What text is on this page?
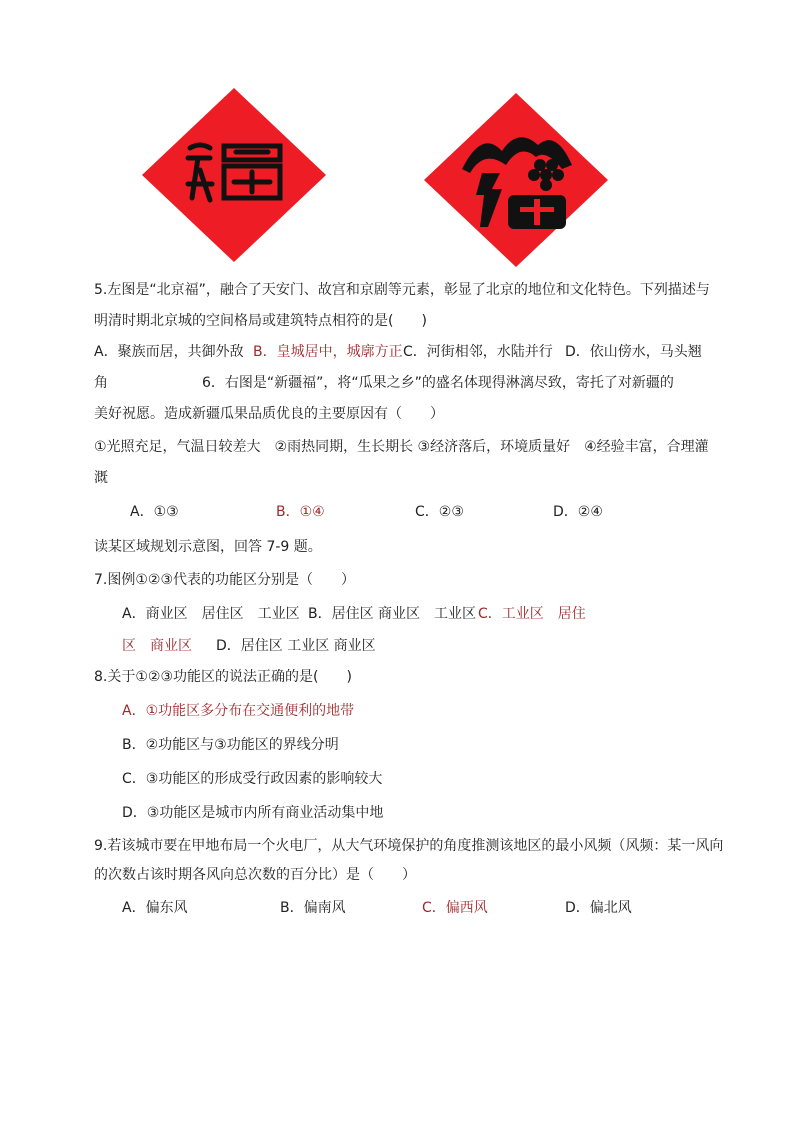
5.左图是“北京福”，融合了天安门、故宫和京剧等元素，彰显了北京的地位和文化特色。下列描述与
明清时期北京城的空间格局或建筑特点相符的是(　　)
A．聚族而居，共御外敌 B．皇城居中，城廓方正 C．河街相邻，水陆并行 D．依山傍水，马头翘
角	6．右图是“新疆福”，将“瓜果之乡”的盛名体现得淋漓尽致，寄托了对新疆的
美好祝愿。造成新疆瓜果品质优良的主要原因有（　　）
①光照充足，气温日较差大　②雨热同期，生长期长 ③经济落后，环境质量好　④经验丰富，合理灌
溉
A．①③	B．①④	C．②③	D．②④
读某区域规划示意图，回答 7-9 题。
7.图例①②③代表的功能区分别是（　　）
A．商业区　居住区　工业区 B．居住区 商业区　工业区 C．工业区　居住
区　商业区 D．居住区 工业区 商业区
8.关于①②③功能区的说法正确的是(　　)
A．①功能区多分布在交通便利的地带
B．②功能区与③功能区的界线分明
C．③功能区的形成受行政因素的影响较大
D．③功能区是城市内所有商业活动集中地
9.若该城市要在甲地布局一个火电厂，从大气环境保护的角度推测该地区的最小风频（风频：某一风向
的次数占该时期各风向总次数的百分比）是（　　）
A．偏东风	B．偏南风	C．偏西风	D．偏北风
